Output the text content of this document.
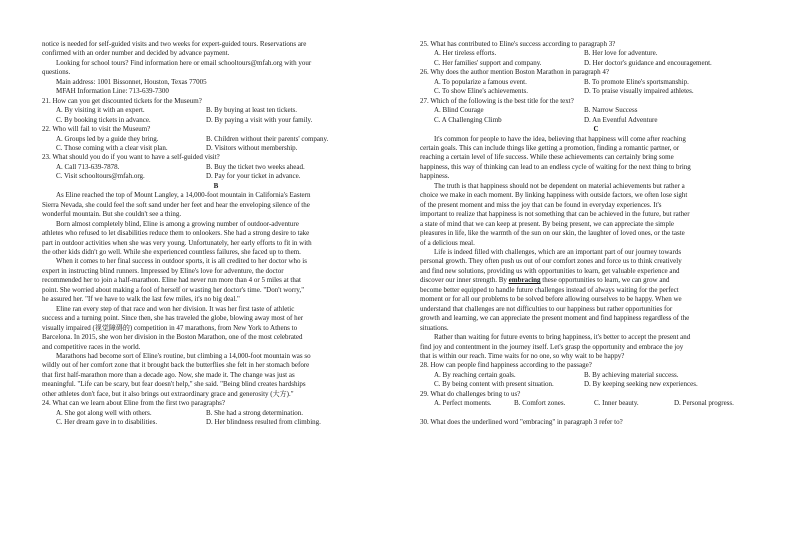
notice is needed for self-guided visits and two weeks for expert-guided tours. Reservations are

confirmed with an order number and decided by advance payment.

Looking for school tours? Find information here or email schooltours@mfah.org with your

questions.

Main address: 1001 Bissonnet, Houston, Texas 77005

MFAH Information Line: 713-639-7300

21. How can you get discounted tickets for the Museum?

A. By visiting it with an expert.	B. By buying at least ten tickets.
C. By booking tickets in advance.	D. By paying a visit with your family.

22. Who will fail to visit the Museum?

A. Groups led by a guide they bring.	B. Children without their parents' company.
C. Those coming with a clear visit plan.	D. Visitors without membership.

23. What should you do if you want to have a self-guided visit?

A. Call 713-639-7878.	B. Buy the ticket two weeks ahead.
C. Visit schooltours@mfah.org.	D. Pay for your ticket in advance.

B

As Eline reached the top of Mount Langley, a 14,000-foot mountain in California's Eastern

Sierra Nevada, she could feel the soft sand under her feet and hear the enveloping silence of the

wonderful mountain. But she couldn't see a thing.

Born almost completely blind, Eline is among a growing number of outdoor-adventure

athletes who refused to let disabilities reduce them to onlookers. She had a strong desire to take

part in outdoor activities when she was very young. Unfortunately, her early efforts to fit in with

the other kids didn't go well. While she experienced countless failures, she faced up to them.

When it comes to her final success in outdoor sports, it is all credited to her doctor who is

expert in instructing blind runners. Impressed by Eline's love for adventure, the doctor

recommended her to join a half-marathon. Eline had never run more than 4 or 5 miles at that

point. She worried about making a fool of herself or wasting her doctor's time. "Don't worry,"

he assured her. "If we have to walk the last few miles, it's no big deal."

Eline ran every step of that race and won her division. It was her first taste of athletic

success and a turning point. Since then, she has traveled the globe, blowing away most of her

visually impaired (视觉障碍的) competition in 47 marathons, from New York to Athens to

Barcelona. In 2015, she won her division in the Boston Marathon, one of the most celebrated

and competitive races in the world.

Marathons had become sort of Eline's routine, but climbing a 14,000-foot mountain was so

wildly out of her comfort zone that it brought back the butterflies she felt in her stomach before

that first half-marathon more than a decade ago. Now, she made it. The change was just as

meaningful. "Life can be scary, but fear doesn't help," she said. "Being blind creates hardships

other athletes don't face, but it also brings out extraordinary grace and generosity (大方)."

24. What can we learn about Eline from the first two paragraphs?

A. She got along well with others.	B. She had a strong determination.
C. Her dream gave in to disabilities.	D. Her blindness resulted from climbing.

25. What has contributed to Eline's success according to paragraph 3?

A. Her tireless efforts.	B. Her love for adventure.
C. Her families' support and company.	D. Her doctor's guidance and encouragement.

26. Why does the author mention Boston Marathon in paragraph 4?

A. To popularize a famous event.	B. To promote Eline's sportsmanship.
C. To show Eline's achievements.	D. To praise visually impaired athletes.

27. Which of the following is the best title for the text?

A. Blind Courage	B. Narrow Success
C. A Challenging Climb	D. An Eventful Adventure

C

It's common for people to have the idea, believing that happiness will come after reaching

certain goals. This can include things like getting a promotion, finding a romantic partner, or

reaching a certain level of life success. While these achievements can certainly bring some

happiness, this way of thinking can lead to an endless cycle of waiting for the next thing to bring

happiness.

The truth is that happiness should not be dependent on material achievements but rather a

choice we make in each moment. By linking happiness with outside factors, we often lose sight

of the present moment and miss the joy that can be found in everyday experiences. It's

important to realize that happiness is not something that can be achieved in the future, but rather

a state of mind that we can keep at present. By being present, we can appreciate the simple

pleasures in life, like the warmth of the sun on our skin, the laughter of loved ones, or the taste

of a delicious meal.

Life is indeed filled with challenges, which are an important part of our journey towards

personal growth. They often push us out of our comfort zones and force us to think creatively

and find new solutions, providing us with opportunities to learn, get valuable experience and

discover our inner strength. By embracing these opportunities to learn, we can grow and

become better equipped to handle future challenges instead of always waiting for the perfect

moment or for all our problems to be solved before allowing ourselves to be happy. When we

understand that challenges are not difficulties to our happiness but rather opportunities for

growth and learning, we can appreciate the present moment and find happiness regardless of the

situations.

Rather than waiting for future events to bring happiness, it's better to accept the present and

find joy and contentment in the journey itself. Let's grasp the opportunity and embrace the joy

that is within our reach. Time waits for no one, so why wait to be happy?

28. How can people find happiness according to the passage?

A. By reaching certain goals.	B. By achieving material success.
C. By being content with present situation.	D. By keeping seeking new experiences.

29. What do challenges bring to us?

A. Perfect moments.	B. Comfort zones.	C. Inner beauty.	D. Personal progress.

30. What does the underlined word "embracing" in paragraph 3 refer to?
